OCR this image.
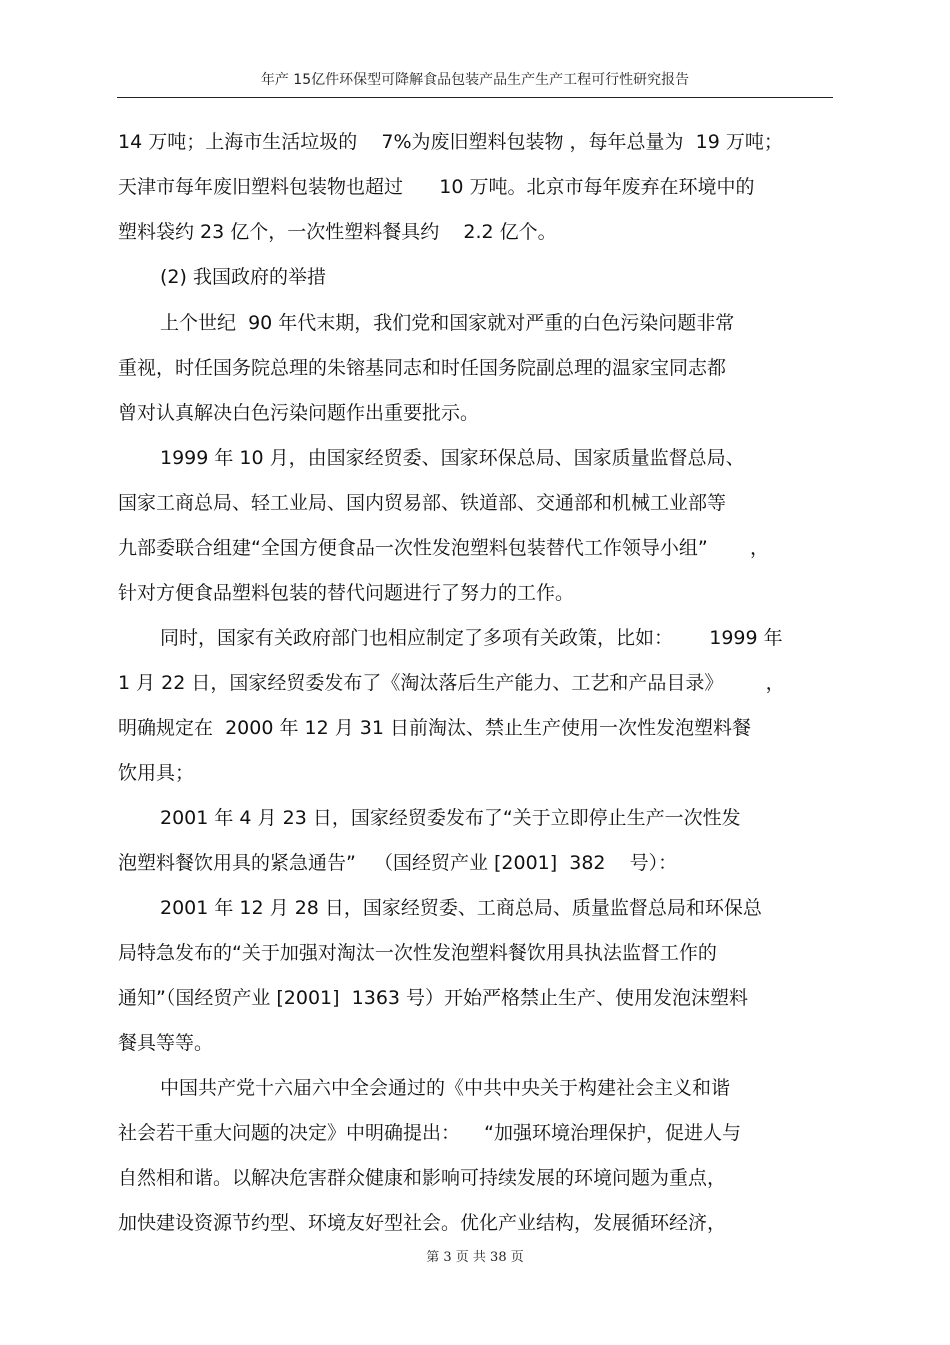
年产 15亿件环保型可降解食品包装产品生产生产工程可行性研究报告
14 万吨；上海市生活垃圾的    7%为废旧塑料包装物 ，每年总量为  19 万吨；
天津市每年废旧塑料包装物也超过      10 万吨。北京市每年废弃在环境中的
塑料袋约 23 亿个，一次性塑料餐具约    2.2 亿个。
(2) 我国政府的举措
上个世纪  90 年代末期，我们党和国家就对严重的白色污染问题非常
重视，时任国务院总理的朱镕基同志和时任国务院副总理的温家宝同志都
曾对认真解决白色污染问题作出重要批示。
1999 年 10 月，由国家经贸委、国家环保总局、国家质量监督总局、
国家工商总局、轻工业局、国内贸易部、铁道部、交通部和机械工业部等
九部委联合组建“全国方便食品一次性发泡塑料包装替代工作领导小组”       ，
针对方便食品塑料包装的替代问题进行了努力的工作。
同时，国家有关政府部门也相应制定了多项有关政策，比如：      1999 年
1 月 22 日，国家经贸委发布了《淘汰落后生产能力、工艺和产品目录》       ，
明确规定在  2000 年 12 月 31 日前淘汰、禁止生产使用一次性发泡塑料餐
饮用具；
2001 年 4 月 23 日，国家经贸委发布了“关于立即停止生产一次性发
泡塑料餐饮用具的紧急通告”   （国经贸产业 [2001]  382    号）：
2001 年 12 月 28 日，国家经贸委、工商总局、质量监督总局和环保总
局特急发布的“关于加强对淘汰一次性发泡塑料餐饮用具执法监督工作的
通知”（国经贸产业 [2001]  1363 号）开始严格禁止生产、使用发泡沫塑料
餐具等等。
中国共产党十六届六中全会通过的《中共中央关于构建社会主义和谐
社会若干重大问题的决定》中明确提出：    “加强环境治理保护，促进人与
自然相和谐。以解决危害群众健康和影响可持续发展的环境问题为重点，
加快建设资源节约型、环境友好型社会。优化产业结构，发展循环经济，
第 3 页 共 38 页
